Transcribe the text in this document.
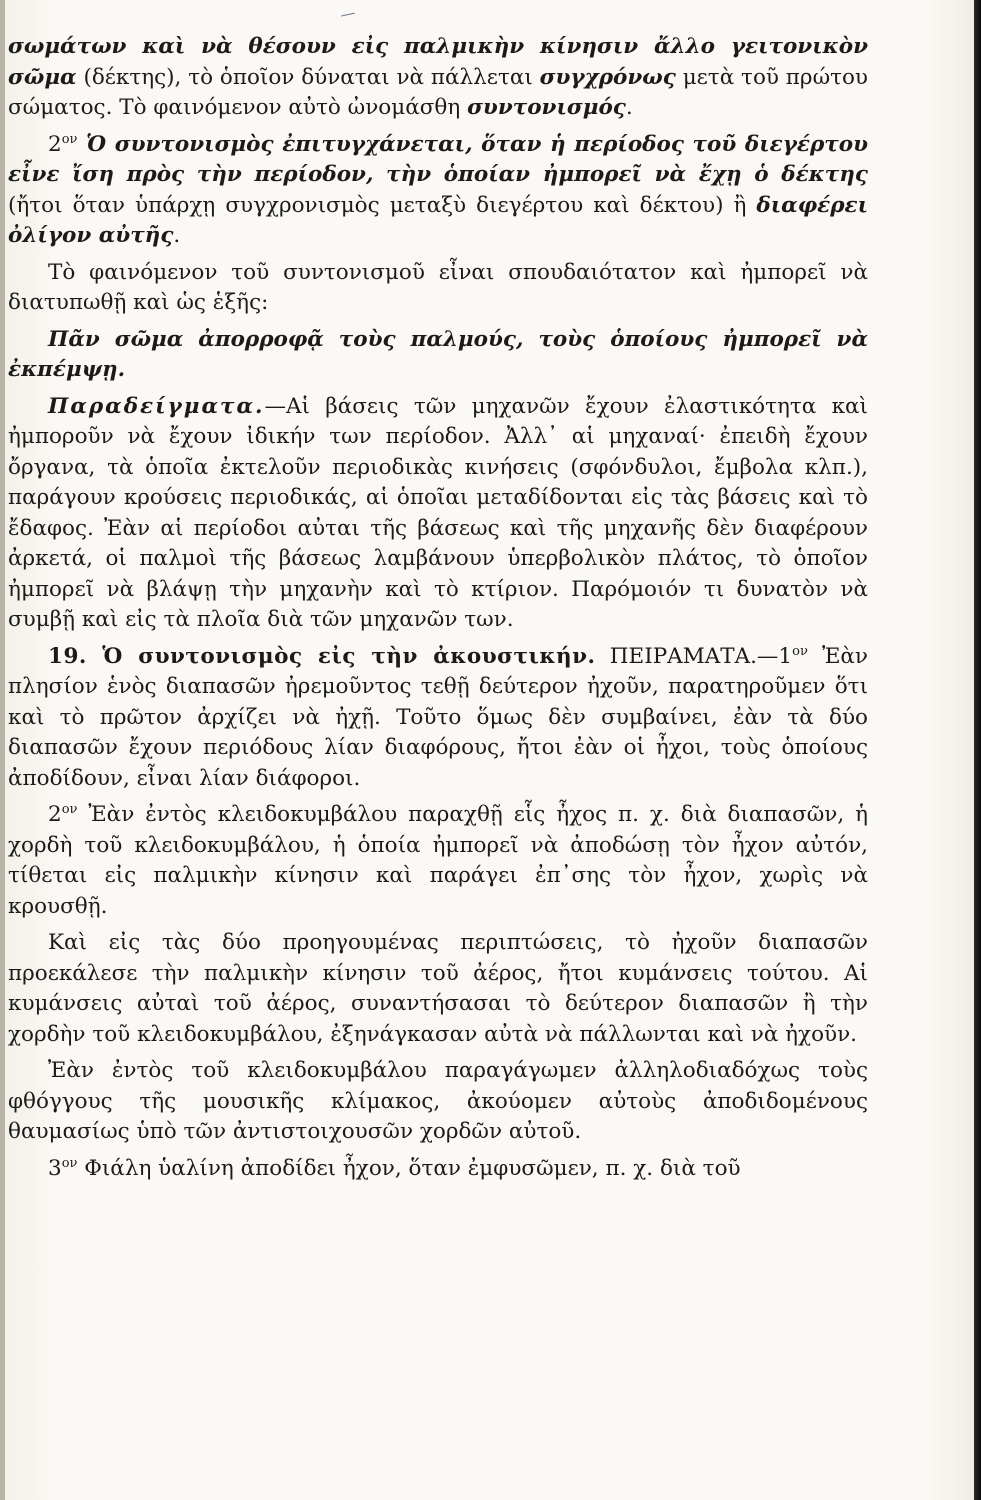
σωμάτων καὶ νὰ θέσουν εἰς παλμικὴν κίνησιν ἄλλο γειτονικὸν σῶμα (δέκτης), τὸ ὁποῖον δύναται νὰ πάλλεται συγχρόνως μετὰ τοῦ πρώτου σώματος. Τὸ φαινόμενον αὐτὸ ὠνομάσθη συντονισμός.

$2^{o\nu}$ Ὁ συντονισμὸς ἐπιτυγχάνεται, ὅταν ἡ περίοδος τοῦ διεγέρτου εἶνε ἴση πρὸς τὴν περίοδον, τὴν ὁποίαν ἠμπορεῖ νὰ ἔχῃ ὁ δέκτης (ἤτοι ὅταν ὑπάρχῃ συγχρονισμὸς μεταξὺ διεγέρτου καὶ δέκτου) ἢ διαφέρει ὀλίγον αὐτῆς.

Τὸ φαινόμενον τοῦ συντονισμοῦ εἶναι σπουδαιότατον καὶ ἠμπορεῖ νὰ διατυπωθῇ καὶ ὡς ἑξῆς:

Πᾶν σῶμα ἀπορροφᾷ τοὺς παλμούς, τοὺς ὁποίους ἠμπορεῖ νὰ ἐκπέμψῃ.

Παραδείγματα.—Αἱ βάσεις τῶν μηχανῶν ἔχουν ἐλαστικότητα καὶ ἠμποροῦν νὰ ἔχουν ἰδικήν των περίοδον. Ἀλλ᾿ αἱ μηχαναί· ἐπειδὴ ἔχουν ὄργανα, τὰ ὁποῖα ἐκτελοῦν περιοδικὰς κινήσεις (σφόνδυλοι, ἔμβολα κλπ.), παράγουν κρούσεις περιοδικάς, αἱ ὁποῖαι μεταδίδονται εἰς τὰς βάσεις καὶ τὸ ἔδαφος. Ἐὰν αἱ περίοδοι αὐται τῆς βάσεως καὶ τῆς μηχανῆς δὲν διαφέρουν ἀρκετά, οἱ παλμοὶ τῆς βάσεως λαμβάνουν ὑπερβολικὸν πλάτος, τὸ ὁποῖον ἠμπορεῖ νὰ βλάψῃ τὴν μηχανὴν καὶ τὸ κτίριον. Παρόμοιόν τι δυνατὸν νὰ συμβῇ καὶ εἰς τὰ πλοῖα διὰ τῶν μηχανῶν των.

19. Ὁ συντονισμὸς εἰς τὴν ἀκουστικήν. $\Pi EIPAMATA.—1^{o\nu}$ Ἐὰν πλησίον ἑνὸς διαπασῶν ἠρεμοῦντος τεθῇ δεύτερον ἠχοῦν, παρατηροῦμεν ὅτι καὶ τὸ πρῶτον ἀρχίζει νὰ ἠχῇ. Τοῦτο ὅμως δὲν συμβαίνει, ἐὰν τὰ δύο διαπασῶν ἔχουν περιόδους λίαν διαφόρους, ἤτοι ἐὰν οἱ ἦχοι, τοὺς ὁποίους ἀποδίδουν, εἶναι λίαν διάφοροι.

$2^{o\nu}$ Ἐὰν ἐντὸς κλειδοκυμβάλου παραχθῇ εἷς ἦχος π. χ. διὰ διαπασῶν, ἡ χορδὴ τοῦ κλειδοκυμβάλου, ἡ ὁποία ἠμπορεῖ νὰ ἀποδώσῃ τὸν ἦχον αὐτόν, τίθεται εἰς παλμικὴν κίνησιν καὶ παράγει ἐπ᾿σης τὸν ἦχον, χωρὶς νὰ κρουσθῇ.

Καὶ εἰς τὰς δύο προηγουμένας περιπτώσεις, τὸ ἠχοῦν διαπασῶν προεκάλεσε τὴν παλμικὴν κίνησιν τοῦ ἀέρος, ἤτοι κυμάνσεις τούτου. Αἱ κυμάνσεις αὐταὶ τοῦ ἀέρος, συναντήσασαι τὸ δεύτερον διαπασῶν ἢ τὴν χορδὴν τοῦ κλειδοκυμβάλου, ἐξηνάγκασαν αὐτὰ νὰ πάλλωνται καὶ νὰ ἠχοῦν.

Ἐὰν ἐντὸς τοῦ κλειδοκυμβάλου παραγάγωμεν ἀλληλοδιαδόχως τοὺς φθόγγους τῆς μουσικῆς κλίμακος, ἀκούομεν αὐτοὺς ἀποδιδομένους θαυμασίως ὑπὸ τῶν ἀντιστοιχουσῶν χορδῶν αὐτοῦ.

$3^{o\nu}$ Φιάλη ὑαλίνη ἀποδίδει ἦχον, ὅταν ἐμφυσῶμεν, π. χ. διὰ τοῦ
